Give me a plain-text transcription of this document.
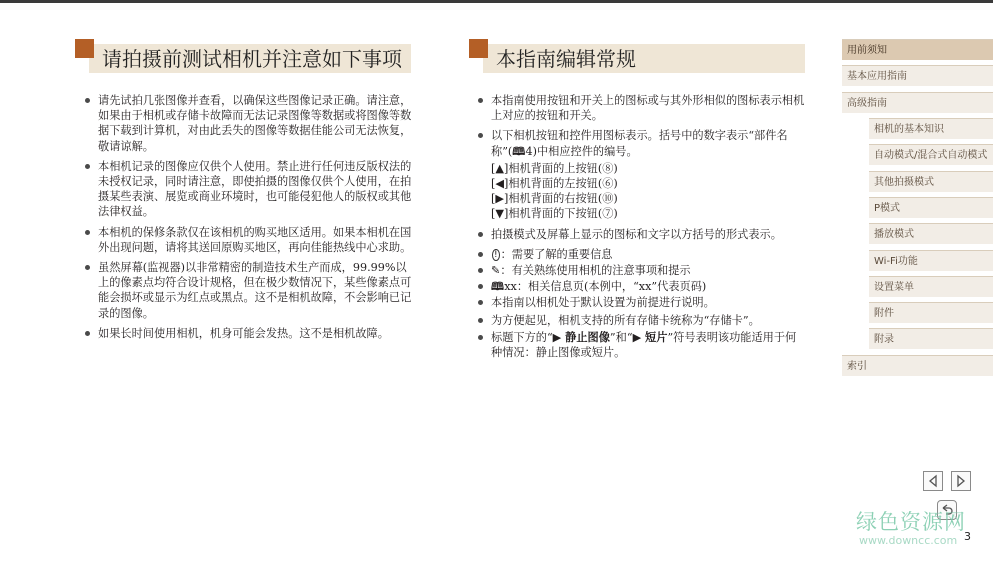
请拍摄前测试相机并注意如下事项
请先试拍几张图像并查看，以确保这些图像记录正确。请注意，如果由于相机或存储卡故障而无法记录图像等数据或将图像等数据下载到计算机，对由此丢失的图像等数据佳能公司无法恢复，敬请谅解。
本相机记录的图像应仅供个人使用。禁止进行任何违反版权法的未授权记录，同时请注意，即使拍摄的图像仅供个人使用，在拍摄某些表演、展览或商业环境时，也可能侵犯他人的版权或其他法律权益。
本相机的保修条款仅在该相机的购买地区适用。如果本相机在国外出现问题，请将其送回原购买地区，再向佳能热线中心求助。
虽然屏幕(监视器)以非常精密的制造技术生产而成，99.99%以上的像素点均符合设计规格，但在极少数情况下，某些像素点可能会损坏或显示为红点或黑点。这不是相机故障，不会影响已记录的图像。
如果长时间使用相机，机身可能会发热。这不是相机故障。
本指南编辑常规
本指南使用按钮和开关上的图标或与其外形相似的图标表示相机上对应的按钮和开关。
以下相机按钮和控件用图标表示。括号中的数字表示“部件名称”(🕮4)中相应控件的编号。
[▲]相机背面的上按钮(⑧)
[◀]相机背面的左按钮(⑥)
[▶]相机背面的右按钮(⑩)
[▼]相机背面的下按钮(⑦)
拍摄模式及屏幕上显示的图标和文字以方括号的形式表示。
! ：需要了解的重要信息
✎：有关熟练使用相机的注意事项和提示
🕮xx：相关信息页(本例中，“xx”代表页码)
本指南以相机处于默认设置为前提进行说明。
为方便起见，相机支持的所有存储卡统称为“存储卡”。
标题下方的“▶ 静止图像”和“▶ 短片”符号表明该功能适用于何种情况：静止图像或短片。
用前须知
基本应用指南
高级指南
相机的基本知识
自动模式/混合式自动模式
其他拍摄模式
P模式
播放模式
Wi-Fi功能
设置菜单
附件
附录
索引
绿色资源网
www.downcc.com 3
